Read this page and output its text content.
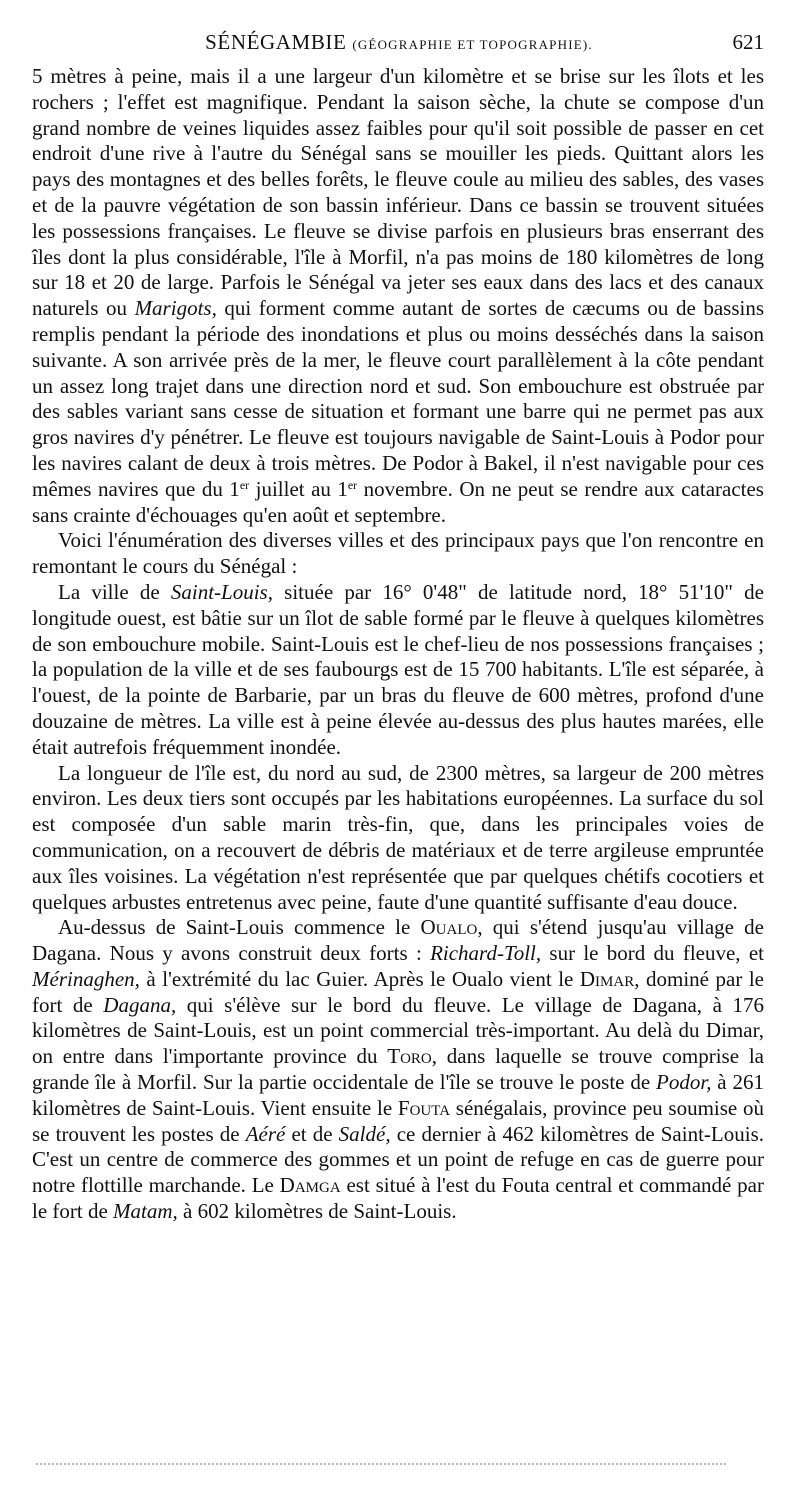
SÉNÉGAMBIE (GÉOGRAPHIE ET TOPOGRAPHIE).	621

5 mètres à peine, mais il a une largeur d'un kilomètre et se brise sur les îlots et les rochers ; l'effet est magnifique. Pendant la saison sèche, la chute se compose d'un grand nombre de veines liquides assez faibles pour qu'il soit possible de passer en cet endroit d'une rive à l'autre du Sénégal sans se mouiller les pieds. Quittant alors les pays des montagnes et des belles forêts, le fleuve coule au milieu des sables, des vases et de la pauvre végétation de son bassin inférieur. Dans ce bassin se trouvent situées les possessions françaises. Le fleuve se divise parfois en plusieurs bras enserrant des îles dont la plus considérable, l'île à Morfil, n'a pas moins de 180 kilomètres de long sur 18 et 20 de large. Parfois le Sénégal va jeter ses eaux dans des lacs et des canaux naturels ou Marigots, qui forment comme autant de sortes de cæcums ou de bassins remplis pendant la période des inondations et plus ou moins desséchés dans la saison suivante. A son arrivée près de la mer, le fleuve court parallèlement à la côte pendant un assez long trajet dans une direction nord et sud. Son embouchure est obstruée par des sables variant sans cesse de situation et formant une barre qui ne permet pas aux gros navires d'y pénétrer. Le fleuve est toujours navigable de Saint-Louis à Podor pour les navires calant de deux à trois mètres. De Podor à Bakel, il n'est navigable pour ces mêmes navires que du 1er juillet au 1er novembre. On ne peut se rendre aux cataractes sans crainte d'échouages qu'en août et septembre.

Voici l'énumération des diverses villes et des principaux pays que l'on rencontre en remontant le cours du Sénégal :

La ville de Saint-Louis, située par 16° 0'48" de latitude nord, 18° 51'10" de longitude ouest, est bâtie sur un îlot de sable formé par le fleuve à quelques kilomètres de son embouchure mobile. Saint-Louis est le chef-lieu de nos possessions françaises ; la population de la ville et de ses faubourgs est de 15 700 habitants. L'île est séparée, à l'ouest, de la pointe de Barbarie, par un bras du fleuve de 600 mètres, profond d'une douzaine de mètres. La ville est à peine élevée au-dessus des plus hautes marées, elle était autrefois fréquemment inondée.

La longueur de l'île est, du nord au sud, de 2300 mètres, sa largeur de 200 mètres environ. Les deux tiers sont occupés par les habitations européennes. La surface du sol est composée d'un sable marin très-fin, que, dans les principales voies de communication, on a recouvert de débris de matériaux et de terre argileuse empruntée aux îles voisines. La végétation n'est représentée que par quelques chétifs cocotiers et quelques arbustes entretenus avec peine, faute d'une quantité suffisante d'eau douce.

Au-dessus de Saint-Louis commence le Oualo, qui s'étend jusqu'au village de Dagana. Nous y avons construit deux forts : Richard-Toll, sur le bord du fleuve, et Mérinaghen, à l'extrémité du lac Guier. Après le Oualo vient le Dimar, dominé par le fort de Dagana, qui s'élève sur le bord du fleuve. Le village de Dagana, à 176 kilomètres de Saint-Louis, est un point commercial très-important. Au delà du Dimar, on entre dans l'importante province du Toro, dans laquelle se trouve comprise la grande île à Morfil. Sur la partie occidentale de l'île se trouve le poste de Podor, à 261 kilomètres de Saint-Louis. Vient ensuite le Fouta sénégalais, province peu soumise où se trouvent les postes de Aéré et de Saldé, ce dernier à 462 kilomètres de Saint-Louis. C'est un centre de commerce des gommes et un point de refuge en cas de guerre pour notre flottille marchande. Le Damga est situé à l'est du Fouta central et commandé par le fort de Matam, à 602 kilomètres de Saint-Louis.
